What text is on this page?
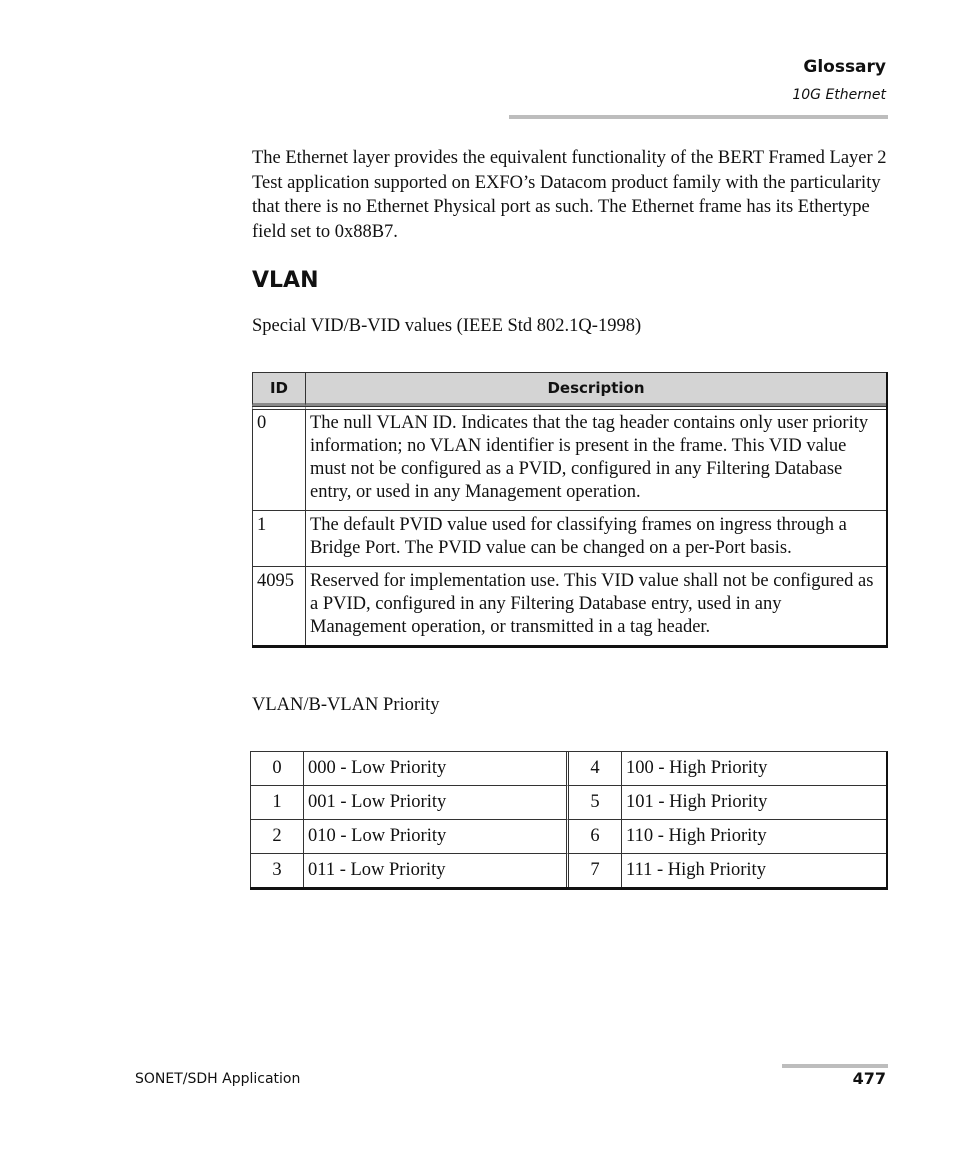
Glossary
10G Ethernet

The Ethernet layer provides the equivalent functionality of the BERT Framed Layer 2 Test application supported on EXFO’s Datacom product family with the particularity that there is no Ethernet Physical port as such. The Ethernet frame has its Ethertype field set to 0x88B7.

VLAN

Special VID/B-VID values (IEEE Std 802.1Q-1998)

ID	Description
0	The null VLAN ID. Indicates that the tag header contains only user priority information; no VLAN identifier is present in the frame. This VID value must not be configured as a PVID, configured in any Filtering Database entry, or used in any Management operation.
1	The default PVID value used for classifying frames on ingress through a Bridge Port. The PVID value can be changed on a per-Port basis.
4095	Reserved for implementation use. This VID value shall not be configured as a PVID, configured in any Filtering Database entry, used in any Management operation, or transmitted in a tag header.

VLAN/B-VLAN Priority

0	000 - Low Priority	4	100 - High Priority
1	001 - Low Priority	5	101 - High Priority
2	010 - Low Priority	6	110 - High Priority
3	011 - Low Priority	7	111 - High Priority
SONET/SDH Application	477
